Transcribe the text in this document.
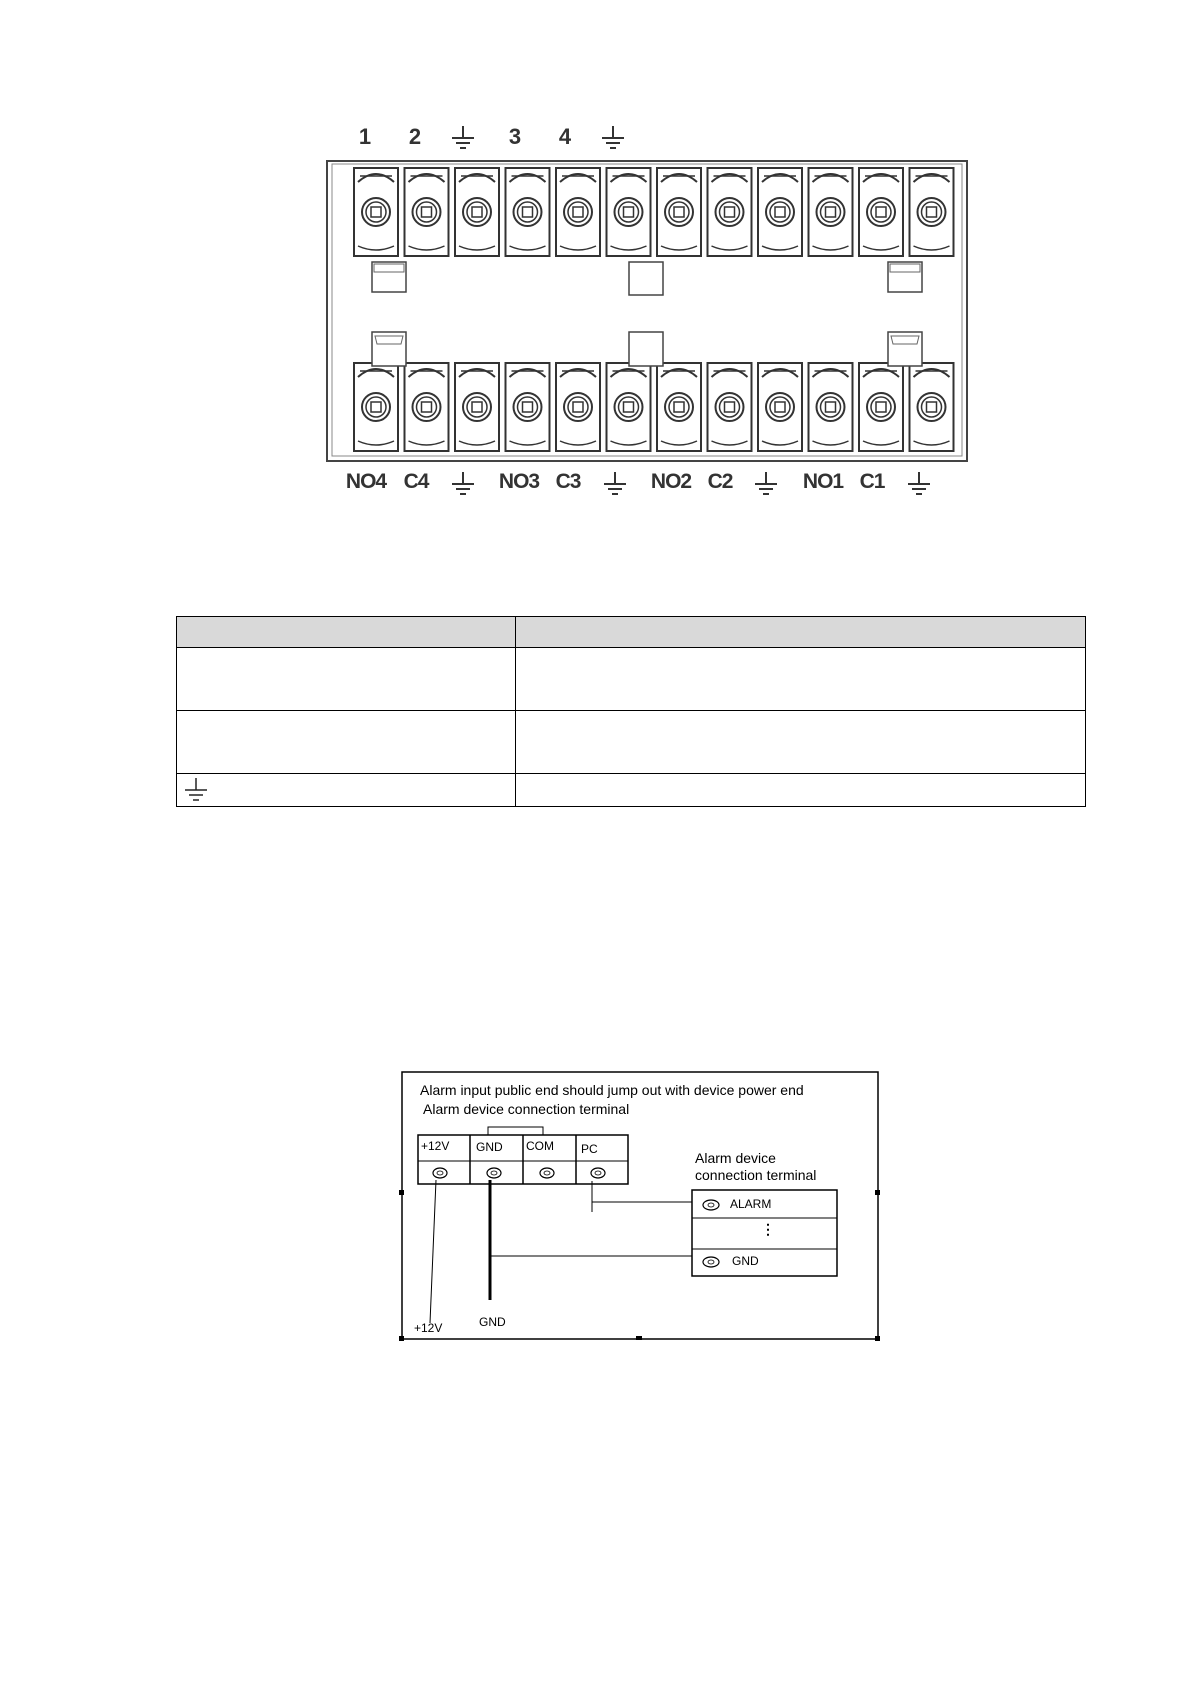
1	2	3	4
NO4 C4	NO3 C3	NO2 C2	NO1 C1

Alarm input public end should jump out with device power end
Alarm device connection terminal
+12V GND COM PC
Alarm device
connection terminal
ALARM
⋮
GND
+12V	GND
